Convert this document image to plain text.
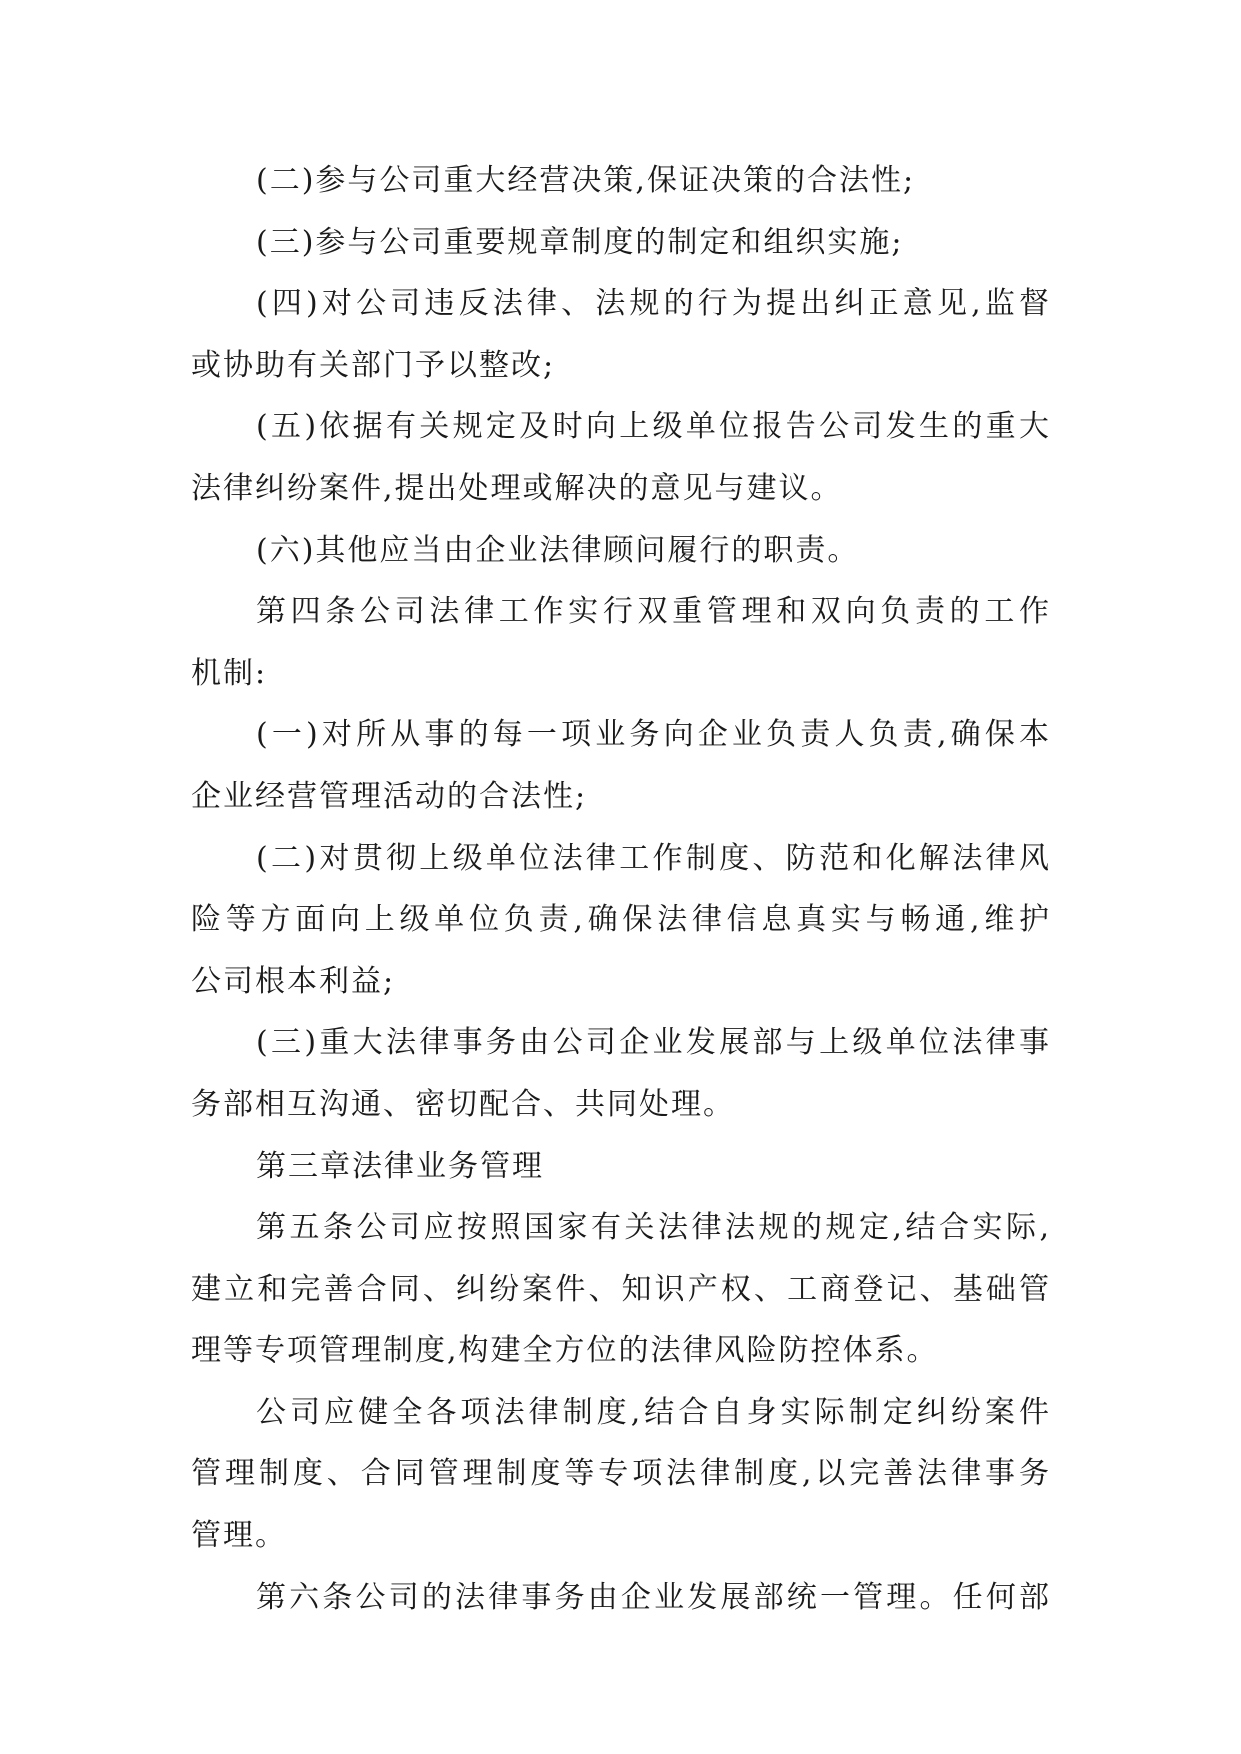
(二)参与公司重大经营决策,保证决策的合法性;
(三)参与公司重要规章制度的制定和组织实施;
(四)对公司违反法律、法规的行为提出纠正意见,监督
或协助有关部门予以整改;
(五)依据有关规定及时向上级单位报告公司发生的重大
法律纠纷案件,提出处理或解决的意见与建议。
(六)其他应当由企业法律顾问履行的职责。
第四条公司法律工作实行双重管理和双向负责的工作
机制:
(一)对所从事的每一项业务向企业负责人负责,确保本
企业经营管理活动的合法性;
(二)对贯彻上级单位法律工作制度、防范和化解法律风
险等方面向上级单位负责,确保法律信息真实与畅通,维护
公司根本利益;
(三)重大法律事务由公司企业发展部与上级单位法律事
务部相互沟通、密切配合、共同处理。
第三章法律业务管理
第五条公司应按照国家有关法律法规的规定,结合实际,
建立和完善合同、纠纷案件、知识产权、工商登记、基础管
理等专项管理制度,构建全方位的法律风险防控体系。
公司应健全各项法律制度,结合自身实际制定纠纷案件
管理制度、合同管理制度等专项法律制度,以完善法律事务
管理。
第六条公司的法律事务由企业发展部统一管理。任何部
